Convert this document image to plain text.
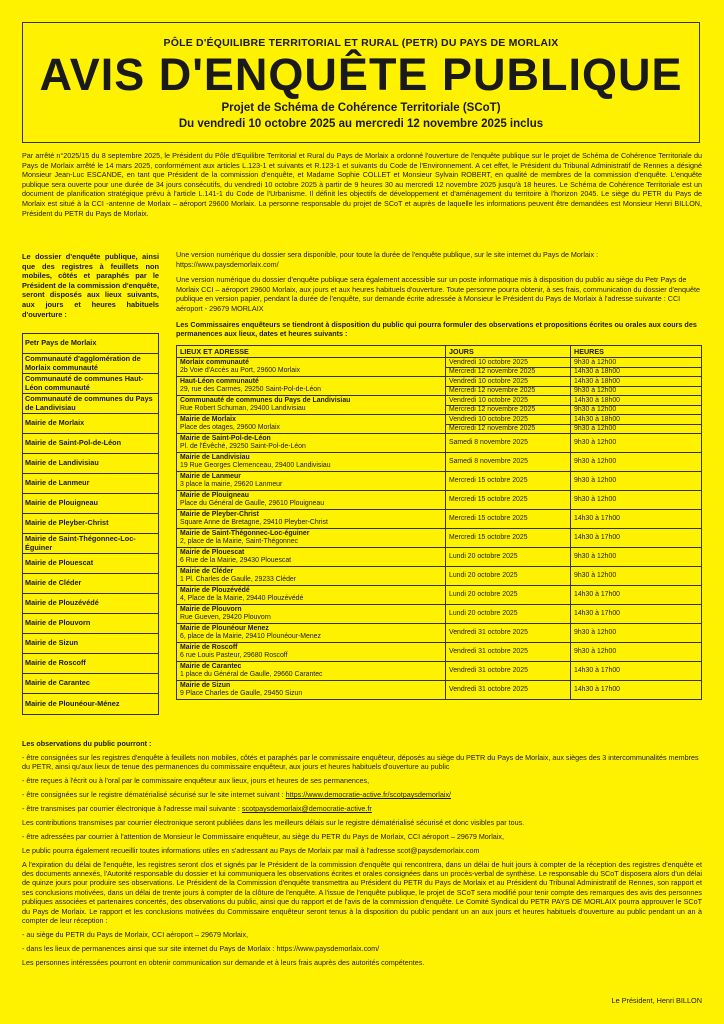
PÔLE D'ÉQUILIBRE TERRITORIAL ET RURAL (PETR) DU PAYS DE MORLAIX
AVIS D'ENQUÊTE PUBLIQUE
Projet de Schéma de Cohérence Territoriale (SCoT)
Du vendredi 10 octobre 2025 au mercredi 12 novembre 2025 inclus
Par arrêté n°2025/15 du 8 septembre 2025, le Président du Pôle d'Equilibre Territorial et Rural du Pays de Morlaix a ordonné l'ouverture de l'enquête publique sur le projet de Schéma de Cohérence Territoriale du Pays de Morlaix arrêté le 14 mars 2025, conformément aux articles L.123-1 et suivants et R.123-1 et suivants du Code de l'Environnement. A cet effet, le Président du Tribunal Administratif de Rennes a désigné Monsieur Jean-Luc ESCANDE, en tant que Président de la commission d'enquête, et Madame Sophie COLLET et Monsieur Sylvain ROBERT, en qualité de membres de la commission d'enquête. L'enquête publique sera ouverte pour une durée de 34 jours consécutifs, du vendredi 10 octobre 2025 à partir de 9 heures 30 au mercredi 12 novembre 2025 jusqu'à 18 heures. Le Schéma de Cohérence Territoriale est un document de planification stratégique prévu à l'article L.141-1 du Code de l'Urbanisme. Il définit les objectifs de développement et d'aménagement du territoire à l'horizon 2045. Le siège du PETR du Pays de Morlaix est situé à la CCI -antenne de Morlaix – aéroport 29600 Morlaix. La personne responsable du projet de SCoT et auprès de laquelle les informations peuvent être demandées est Monsieur Henri BILLON, Président du PETR du Pays de Morlaix.
Le dossier d'enquête publique, ainsi que des registres à feuillets non mobiles, côtés et paraphés par le Président de la commission d'enquête, seront disposés aux lieux suivants, aux jours et heures habituels d'ouverture :
Petr Pays de Morlaix
Communauté d'agglomération de Morlaix communauté
Communauté de communes Haut-Léon communauté
Communauté de communes du Pays de Landivisiau
Mairie de Morlaix
Mairie de Saint-Pol-de-Léon
Mairie de Landivisiau
Mairie de Lanmeur
Mairie de Plouigneau
Mairie de Pleyber-Christ
Mairie de Saint-Thégonnec-Loc-Éguiner
Mairie de Plouescat
Mairie de Cléder
Mairie de Plouzévédé
Mairie de Plouvorn
Mairie de Sizun
Mairie de Roscoff
Mairie de Carantec
Mairie de Plounéour-Ménez

Une version numérique du dossier sera disponible, pour toute la durée de l'enquête publique, sur le site internet du Pays de Morlaix :
https://www.paysdemorlaix.com/

Une version numérique du dossier d'enquête publique sera également accessible sur un poste informatique mis à disposition du public au siège du Petr Pays de Morlaix CCI – aéroport 29600 Morlaix, aux jours et aux heures habituels d'ouverture. Toute personne pourra obtenir, à ses frais, communication du dossier d'enquête publique en version papier, pendant la durée de l'enquête, sur demande écrite adressée à Monsieur le Président du Pays de Morlaix à l'adresse suivante : CCI aéroport - 29679 MORLAIX

Les Commissaires enquêteurs se tiendront à disposition du public qui pourra formuler des observations et propositions écrites ou orales aux cours des permanences aux lieux, dates et heures suivants :

LIEUX ET ADRESSE	JOURS	HEURES

Morlaix communauté
2b Voie d'Accès au Port, 29600 Morlaix	Vendredi 10 octobre 2025	9h30 à 12h00
	Mercredi 12 novembre 2025	14h30 à 18h00

Haut-Léon communauté
29, rue des Carmes, 29250 Saint-Pol-de-Léon	Vendredi 10 octobre 2025	14h30 à 18h00
	Mercredi 12 novembre 2025	9h30 à 12h00

Communauté de communes du Pays de Landivisiau
Rue Robert Schuman, 29400 Landivisiau	Vendredi 10 octobre 2025	14h30 à 18h00
	Mercredi 12 novembre 2025	9h30 à 12h00

Mairie de Morlaix
Place des otages, 29600 Morlaix	Vendredi 10 octobre 2025	14h30 à 18h00
	Mercredi 12 novembre 2025	9h30 à 12h00

Mairie de Saint-Pol-de-Léon
Pl. de l'Évêché, 29250 Saint-Pol-de-Léon	Samedi 8 novembre 2025	9h30 à 12h00

Mairie de Landivisiau
19 Rue Georges Clemenceau, 29400 Landivisiau	Samedi 8 novembre 2025	9h30 à 12h00

Mairie de Lanmeur
3 place la mairie, 29620 Lanmeur	Mercredi 15 octobre 2025	9h30 à 12h00

Mairie de Plouigneau
Place du Général de Gaulle, 29610 Plouigneau	Mercredi 15 octobre 2025	9h30 à 12h00

Mairie de Pleyber-Christ
Square Anne de Bretagne, 29410 Pleyber-Christ	Mercredi 15 octobre 2025	14h30 à 17h00

Mairie de Saint-Thégonnec-Loc-éguiner
2, place de la Mairie, Saint-Thégonnec	Mercredi 15 octobre 2025	14h30 à 17h00

Mairie de Plouescat
6 Rue de la Mairie, 29430 Plouescat	Lundi 20 octobre 2025	9h30 à 12h00

Mairie de Cléder
1 Pl. Charles de Gaulle, 29233 Cléder	Lundi 20 octobre 2025	9h30 à 12h00

Mairie de Plouzévédé
4, Place de la Mairie, 29440 Plouzévédé	Lundi 20 octobre 2025	14h30 à 17h00

Mairie de Plouvorn
Rue Gueven, 29420 Plouvorn	Lundi 20 octobre 2025	14h30 à 17h00

Mairie de Plounéour Menez
6, place de la Mairie, 29410 Plounéour-Menez	Vendredi 31 octobre 2025	9h30 à 12h00

Mairie de Roscoff
6 rue Louis Pasteur, 29680 Roscoff	Vendredi 31 octobre 2025	9h30 à 12h00

Mairie de Carantec
1 place du Général de Gaulle, 29660 Carantec	Vendredi 31 octobre 2025	14h30 à 17h00

Mairie de Sizun
9 Place Charles de Gaulle, 29450 Sizun	Vendredi 31 octobre 2025	14h30 à 17h00

Les observations du public pourront :

- être consignées sur les registres d'enquête à feuillets non mobiles, côtés et paraphés par le commissaire enquêteur, déposés au siège du PETR du Pays de Morlaix, aux sièges des 3 intercommunalités membres du PETR, ainsi qu'aux lieux de tenue des permanences du commissaire enquêteur, aux jours et heures habituels d'ouverture au public

- être reçues à l'écrit ou à l'oral par le commissaire enquêteur aux lieux, jours et heures de ses permanences,

- être consignées sur le registre dématérialisé sécurisé sur le site internet suivant : https://www.democratie-active.fr/scotpaysdemorlaix/

- être transmises par courrier électronique à l'adresse mail suivante : scotpaysdemorlaix@democratie-active.fr

Les contributions transmises par courrier électronique seront publiées dans les meilleurs délais sur le registre dématérialisé sécurisé et donc visibles par tous.

- être adressées par courrier à l'attention de Monsieur le Commissaire enquêteur, au siège du PETR du Pays de Morlaix, CCI aéroport – 29679 Morlaix,

Le public pourra également recueillir toutes informations utiles en s'adressant au Pays de Morlaix par mail à l'adresse scot@paysdemorlaix.com

A l'expiration du délai de l'enquête, les registres seront clos et signés par le Président de la commission d'enquête qui rencontrera, dans un délai de huit jours à compter de la réception des registres d'enquête et des documents annexés, l'Autorité responsable du dossier et lui communiquera les observations écrites et orales consignées dans un procès-verbal de synthèse. Le responsable du SCoT disposera alors d'un délai de quinze jours pour produire ses observations. Le Président de la Commission d'enquête transmettra au Président du PETR du Pays de Morlaix et au Président du Tribunal Administratif de Rennes, son rapport et ses conclusions motivées, dans un délai de trente jours à compter de la clôture de l'enquête. A l'issue de l'enquête publique, le projet de SCoT sera modifié pour tenir compte des remarques des avis des personnes publiques associées et partenaires concertés, des observations du public, ainsi que du rapport et de l'avis de la commission d'enquête. Le Comité Syndical du PETR PAYS DE MORLAIX pourra approuver le SCoT du Pays de Morlaix. Le rapport et les conclusions motivées du Commissaire enquêteur seront tenus à la disposition du public pendant un an aux jours et heures habituels d'ouverture au public pendant un an à compter de leur réception :

- au siège du PETR du Pays de Morlaix, CCI aéroport – 29679 Morlaix,

- dans les lieux de permanences ainsi que sur site internet du Pays de Morlaix : https://www.paysdemorlaix.com/

Les personnes intéressées pourront en obtenir communication sur demande et à leurs frais auprès des autorités compétentes.

Le Président, Henri BILLON
